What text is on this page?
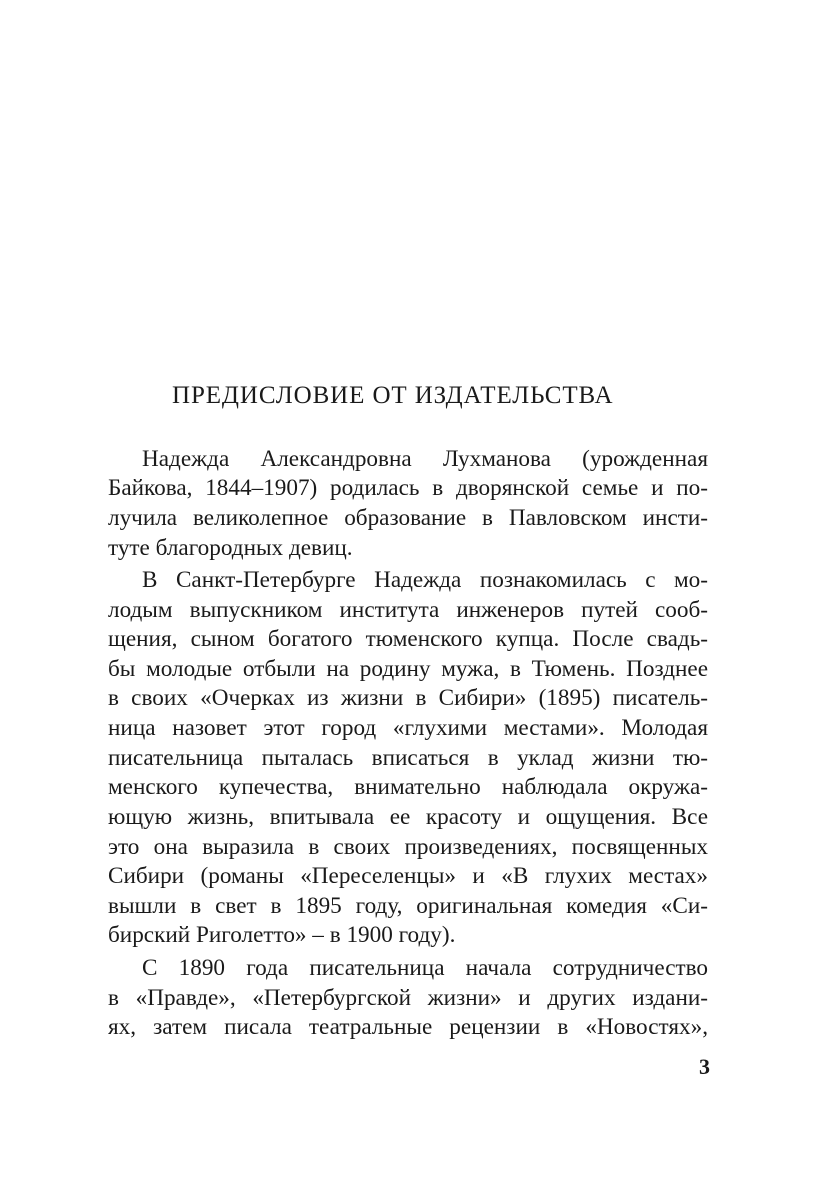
ПРЕДИСЛОВИЕ ОТ ИЗДАТЕЛЬСТВА
Надежда Александровна Лухманова (урожденная
Байкова, 1844–1907) родилась в дворянской семье и по-
лучила великолепное образование в Павловском инсти-
туте благородных девиц.
В Санкт-Петербурге Надежда познакомилась с мо-
лодым выпускником института инженеров путей сооб-
щения, сыном богатого тюменского купца. После свадь-
бы молодые отбыли на родину мужа, в Тюмень. Позднее
в своих «Очерках из жизни в Сибири» (1895) писатель-
ница назовет этот город «глухими местами». Молодая
писательница пыталась вписаться в уклад жизни тю-
менского купечества, внимательно наблюдала окружа-
ющую жизнь, впитывала ее красоту и ощущения. Все
это она выразила в своих произведениях, посвященных
Сибири (романы «Переселенцы» и «В глухих местах»
вышли в свет в 1895 году, оригинальная комедия «Си-
бирский Риголетто» – в 1900 году).
С 1890 года писательница начала сотрудничество
в «Правде», «Петербургской жизни» и других издани-
ях, затем писала театральные рецензии в «Новостях»,
3
